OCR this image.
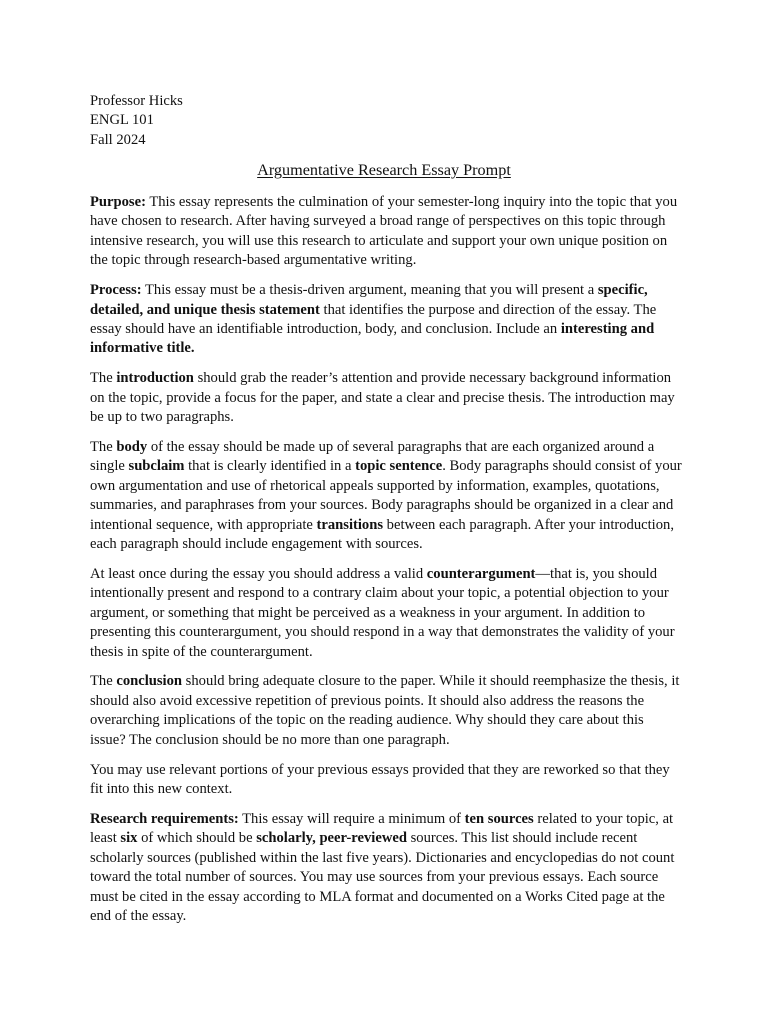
Professor Hicks
ENGL 101
Fall 2024
Argumentative Research Essay Prompt

Purpose: This essay represents the culmination of your semester-long inquiry into the topic that you have chosen to research. After having surveyed a broad range of perspectives on this topic through intensive research, you will use this research to articulate and support your own unique position on the topic through research-based argumentative writing.

Process: This essay must be a thesis-driven argument, meaning that you will present a specific, detailed, and unique thesis statement that identifies the purpose and direction of the essay. The essay should have an identifiable introduction, body, and conclusion. Include an interesting and informative title.

The introduction should grab the reader’s attention and provide necessary background information on the topic, provide a focus for the paper, and state a clear and precise thesis. The introduction may be up to two paragraphs.

The body of the essay should be made up of several paragraphs that are each organized around a single subclaim that is clearly identified in a topic sentence. Body paragraphs should consist of your own argumentation and use of rhetorical appeals supported by information, examples, quotations, summaries, and paraphrases from your sources. Body paragraphs should be organized in a clear and intentional sequence, with appropriate transitions between each paragraph. After your introduction, each paragraph should include engagement with sources.

At least once during the essay you should address a valid counterargument—that is, you should intentionally present and respond to a contrary claim about your topic, a potential objection to your argument, or something that might be perceived as a weakness in your argument. In addition to presenting this counterargument, you should respond in a way that demonstrates the validity of your thesis in spite of the counterargument.

The conclusion should bring adequate closure to the paper. While it should reemphasize the thesis, it should also avoid excessive repetition of previous points. It should also address the reasons the overarching implications of the topic on the reading audience. Why should they care about this issue? The conclusion should be no more than one paragraph.

You may use relevant portions of your previous essays provided that they are reworked so that they fit into this new context.

Research requirements: This essay will require a minimum of ten sources related to your topic, at least six of which should be scholarly, peer-reviewed sources. This list should include recent scholarly sources (published within the last five years). Dictionaries and encyclopedias do not count toward the total number of sources. You may use sources from your previous essays. Each source must be cited in the essay according to MLA format and documented on a Works Cited page at the end of the essay.
